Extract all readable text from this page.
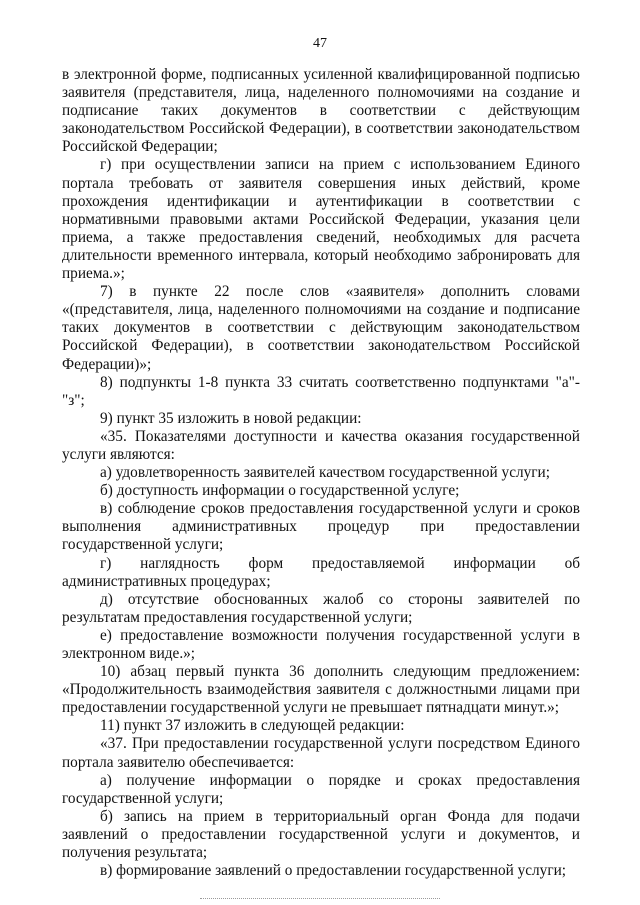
47

в электронной форме, подписанных усиленной квалифицированной подписью заявителя (представителя, лица, наделенного полномочиями на создание и подписание таких документов в соответствии с действующим законодательством Российской Федерации), в соответствии законодательством Российской Федерации;

г) при осуществлении записи на прием с использованием Единого портала требовать от заявителя совершения иных действий, кроме прохождения идентификации и аутентификации в соответствии с нормативными правовыми актами Российской Федерации, указания цели приема, а также предоставления сведений, необходимых для расчета длительности временного интервала, который необходимо забронировать для приема.»;

7) в пункте 22 после слов «заявителя» дополнить словами «(представителя, лица, наделенного полномочиями на создание и подписание таких документов в соответствии с действующим законодательством Российской Федерации), в соответствии законодательством Российской Федерации)»;

8) подпункты 1-8 пункта 33 считать соответственно подпунктами "а"- "з";

9) пункт 35 изложить в новой редакции:

«35. Показателями доступности и качества оказания государственной услуги являются:

а) удовлетворенность заявителей качеством государственной услуги;

б) доступность информации о государственной услуге;

в) соблюдение сроков предоставления государственной услуги и сроков выполнения административных процедур при предоставлении государственной услуги;

г) наглядность форм предоставляемой информации об административных процедурах;

д) отсутствие обоснованных жалоб со стороны заявителей по результатам предоставления государственной услуги;

е) предоставление возможности получения государственной услуги в электронном виде.»;

10) абзац первый пункта 36 дополнить следующим предложением: «Продолжительность взаимодействия заявителя с должностными лицами при предоставлении государственной услуги не превышает пятнадцати минут.»;

11) пункт 37 изложить в следующей редакции:

«37. При предоставлении государственной услуги посредством Единого портала заявителю обеспечивается:

а) получение информации о порядке и сроках предоставления государственной услуги;

б) запись на прием в территориальный орган Фонда для подачи заявлений о предоставлении государственной услуги и документов, и получения результата;

в) формирование заявлений о предоставлении государственной услуги;
